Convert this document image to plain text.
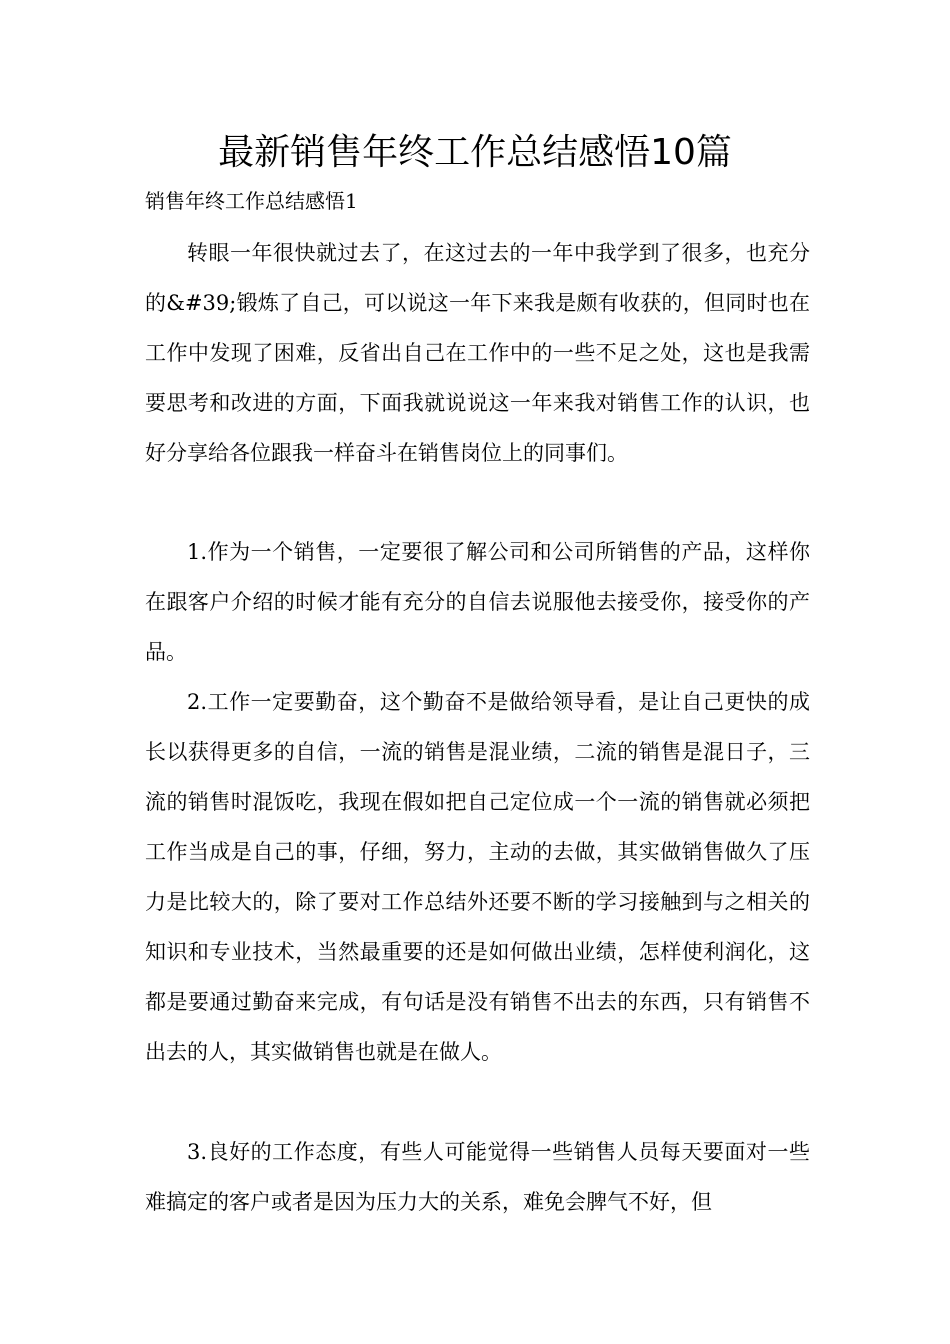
最新销售年终工作总结感悟10篇
销售年终工作总结感悟1

转眼一年很快就过去了，在这过去的一年中我学到了很多，也充分的&#39;锻炼了自己，可以说这一年下来我是颇有收获的，但同时也在工作中发现了困难，反省出自己在工作中的一些不足之处，这也是我需要思考和改进的方面，下面我就说说这一年来我对销售工作的认识，也好分享给各位跟我一样奋斗在销售岗位上的同事们。

1.作为一个销售，一定要很了解公司和公司所销售的产品，这样你在跟客户介绍的时候才能有充分的自信去说服他去接受你，接受你的产品。

2.工作一定要勤奋，这个勤奋不是做给领导看，是让自己更快的成长以获得更多的自信，一流的销售是混业绩，二流的销售是混日子，三流的销售时混饭吃，我现在假如把自己定位成一个一流的销售就必须把工作当成是自己的事，仔细，努力，主动的去做，其实做销售做久了压力是比较大的，除了要对工作总结外还要不断的学习接触到与之相关的知识和专业技术，当然最重要的还是如何做出业绩，怎样使利润化，这都是要通过勤奋来完成，有句话是没有销售不出去的东西，只有销售不出去的人，其实做销售也就是在做人。

3.良好的工作态度，有些人可能觉得一些销售人员每天要面对一些难搞定的客户或者是因为压力大的关系，难免会脾气不好，但
